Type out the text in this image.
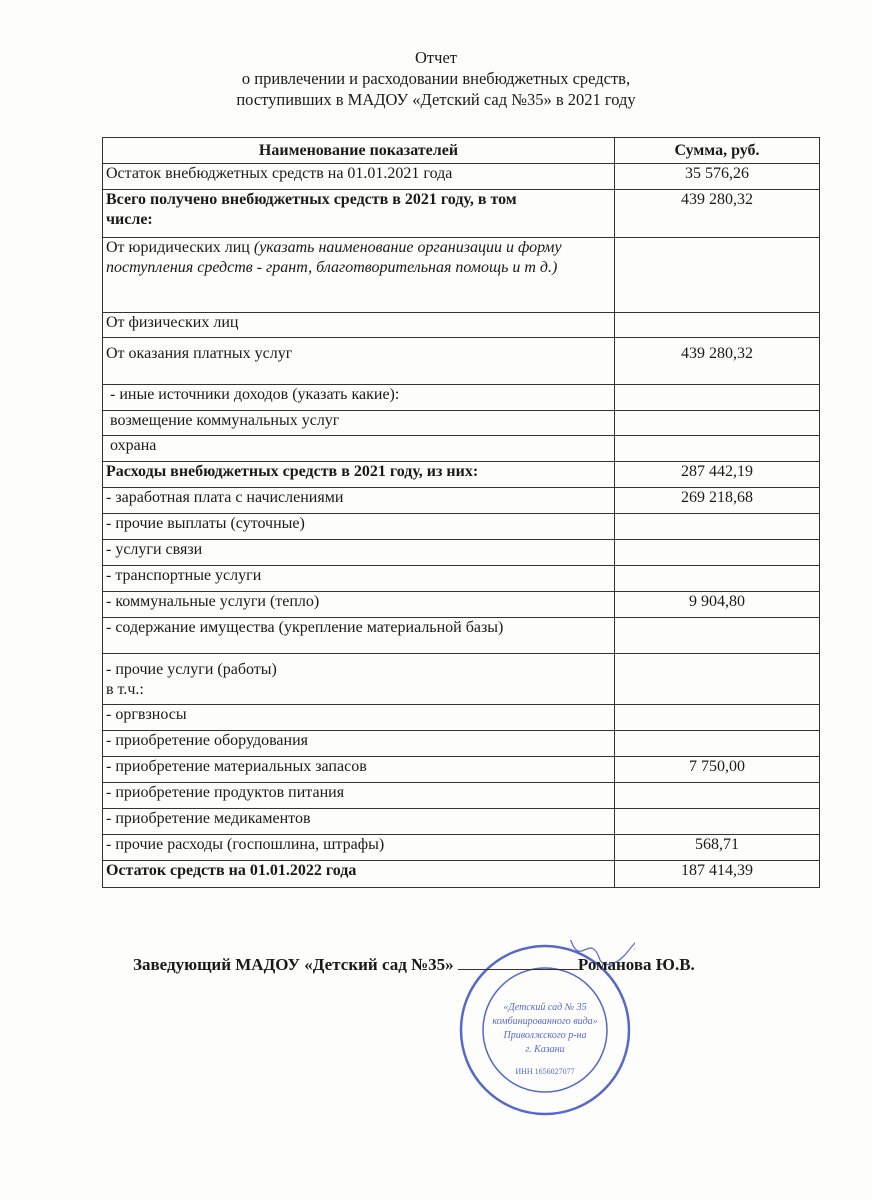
Отчет
о привлечении и расходовании внебюджетных средств,
поступивших в МАДОУ «Детский сад №35» в 2021 году
Наименование показателей	Сумма, руб.
Остаток внебюджетных средств на 01.01.2021 года	35 576,26
Всего получено внебюджетных средств в 2021 году, в том числе:	439 280,32
От юридических лиц (указать наименование организации и форму поступления средств - грант, благотворительная помощь и т д.)	
От физических лиц	
От оказания платных услуг	439 280,32
- иные источники доходов (указать какие):	
возмещение коммунальных услуг	
охрана	
Расходы внебюджетных средств в 2021 году, из них:	287 442,19
- заработная плата с начислениями	269 218,68
- прочие выплаты (суточные)	
- услуги связи	
- транспортные услуги	
- коммунальные услуги (тепло)	9 904,80
- содержание имущества (укрепление материальной базы)	

- прочие услуги (работы)
в т.ч.:	

- оргвзносы	
- приобретение оборудования	
- приобретение материальных запасов	7 750,00
- приобретение продуктов питания	
- приобретение медикаментов	
- прочие расходы (госпошлина, штрафы)	568,71
Остаток средств на 01.01.2022 года	187 414,39
«Детский сад № 35
комбинированного вида»
Приволжского р-на
г. Казани
ИНН 1656027077
Заведующий МАДОУ «Детский сад №35»	Романова Ю.В.
